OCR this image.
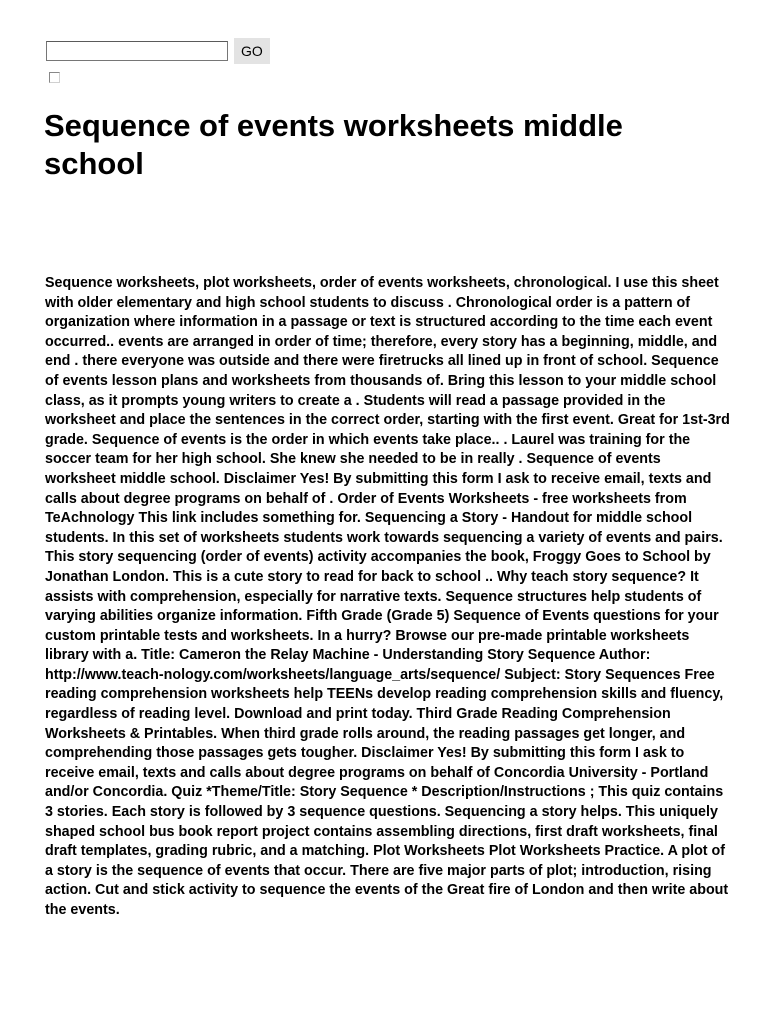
GO
Sequence of events worksheets middle school

Sequence worksheets, plot worksheets, order of events worksheets, chronological. I use this sheet with older elementary and high school students to discuss . Chronological order is a pattern of organization where information in a passage or text is structured according to the time each event occurred.. events are arranged in order of time; therefore, every story has a beginning, middle, and end . there everyone was outside and there were firetrucks all lined up in front of school. Sequence of events lesson plans and worksheets from thousands of. Bring this lesson to your middle school class, as it prompts young writers to create a . Students will read a passage provided in the worksheet and place the sentences in the correct order, starting with the first event. Great for 1st-3rd grade. Sequence of events is the order in which events take place.. . Laurel was training for the soccer team for her high school. She knew she needed to be in really . Sequence of events worksheet middle school. Disclaimer Yes! By submitting this form I ask to receive email, texts and calls about degree programs on behalf of . Order of Events Worksheets - free worksheets from TeAchnology This link includes something for. Sequencing a Story - Handout for middle school students. In this set of worksheets students work towards sequencing a variety of events and pairs. This story sequencing (order of events) activity accompanies the book, Froggy Goes to School by Jonathan London. This is a cute story to read for back to school .. Why teach story sequence? It assists with comprehension, especially for narrative texts. Sequence structures help students of varying abilities organize information. Fifth Grade (Grade 5) Sequence of Events questions for your custom printable tests and worksheets. In a hurry? Browse our pre-made printable worksheets library with a. Title: Cameron the Relay Machine - Understanding Story Sequence Author: http://www.teach-nology.com/worksheets/language_arts/sequence/ Subject: Story Sequences Free reading comprehension worksheets help TEENs develop reading comprehension skills and fluency, regardless of reading level. Download and print today. Third Grade Reading Comprehension Worksheets & Printables. When third grade rolls around, the reading passages get longer, and comprehending those passages gets tougher. Disclaimer Yes! By submitting this form I ask to receive email, texts and calls about degree programs on behalf of Concordia University - Portland and/or Concordia. Quiz *Theme/Title: Story Sequence * Description/Instructions ; This quiz contains 3 stories. Each story is followed by 3 sequence questions. Sequencing a story helps. This uniquely shaped school bus book report project contains assembling directions, first draft worksheets, final draft templates, grading rubric, and a matching. Plot Worksheets Plot Worksheets Practice. A plot of a story is the sequence of events that occur. There are five major parts of plot; introduction, rising action. Cut and stick activity to sequence the events of the Great fire of London and then write about the events.
